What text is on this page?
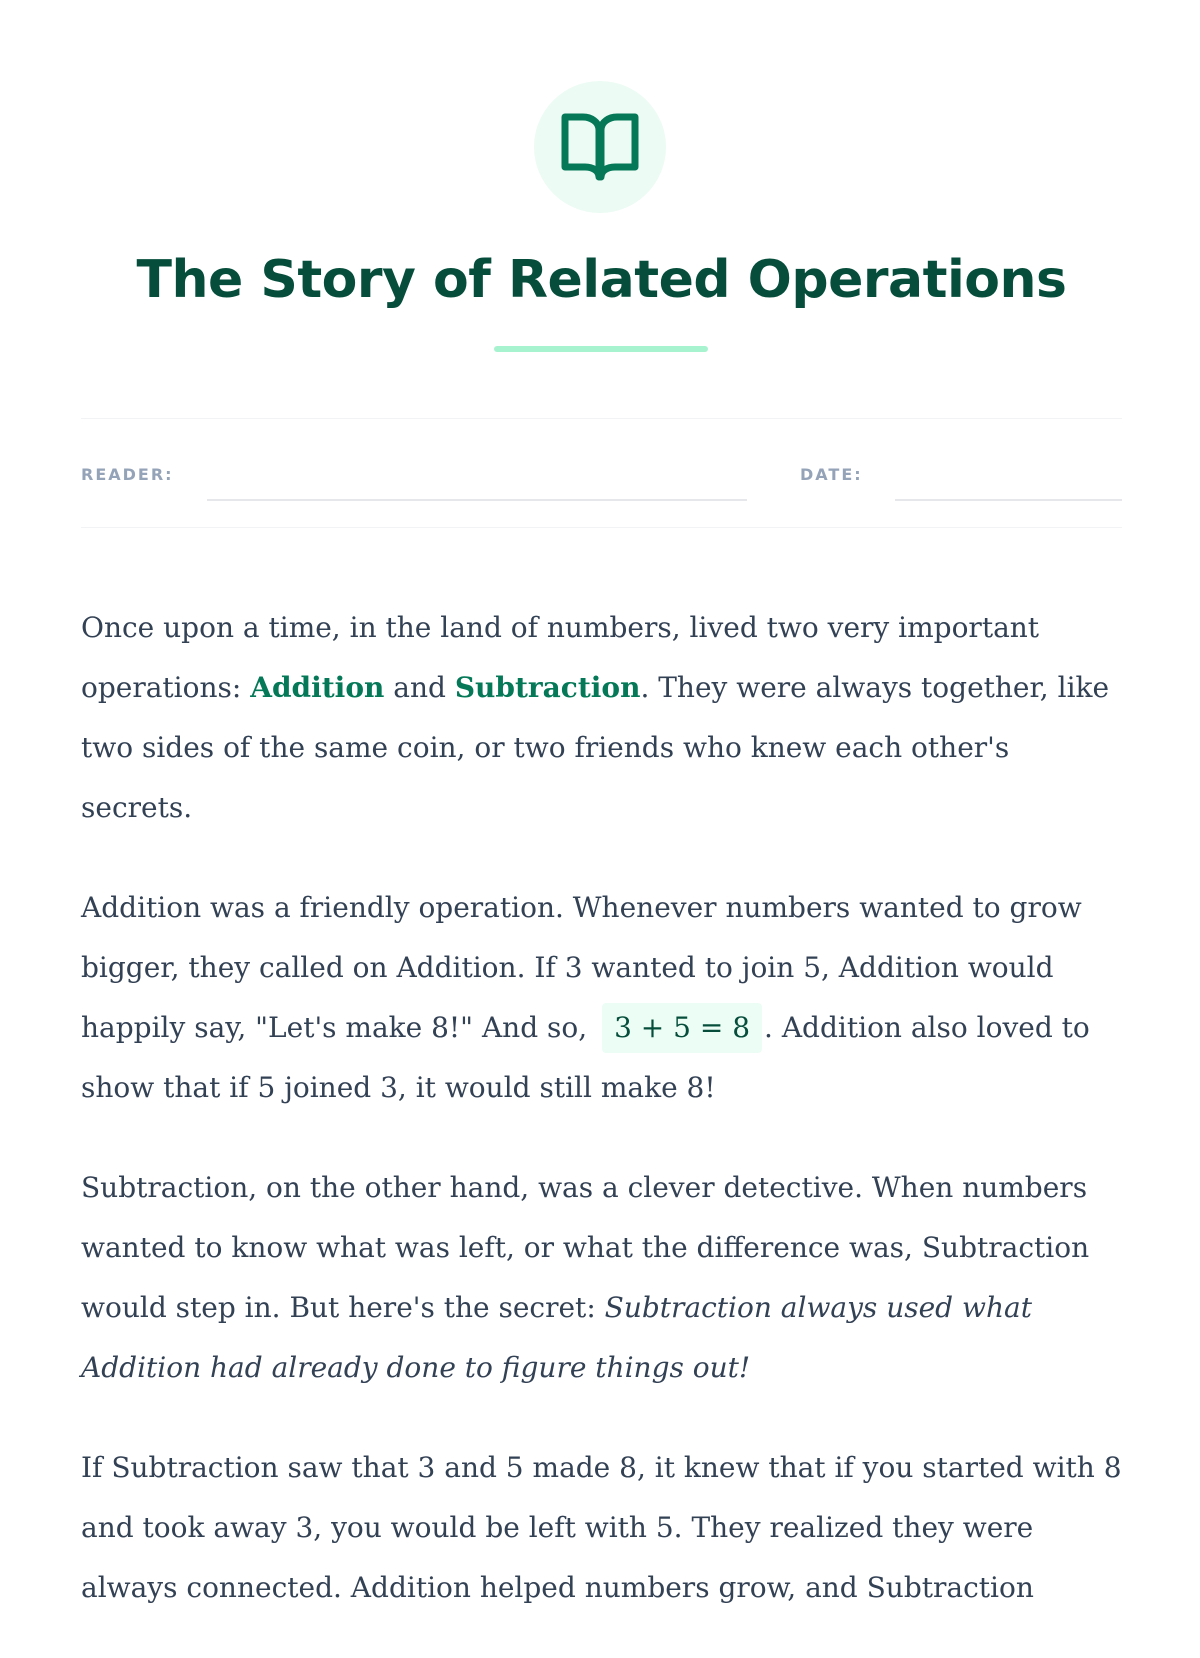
The Story of Related Operations
READER:	DATE:

Once upon a time, in the land of numbers, lived two very important operations: Addition and Subtraction. They were always together, like two sides of the same coin, or two friends who knew each other's secrets.

Addition was a friendly operation. Whenever numbers wanted to grow bigger, they called on Addition. If 3 wanted to join 5, Addition would happily say, "Let's make 8!" And so, 3 + 5 = 8 . Addition also loved to show that if 5 joined 3, it would still make 8!

Subtraction, on the other hand, was a clever detective. When numbers wanted to know what was left, or what the difference was, Subtraction would step in. But here's the secret: Subtraction always used what Addition had already done to figure things out!

If Subtraction saw that 3 and 5 made 8, it knew that if you started with 8 and took away 3, you would be left with 5. They realized they were always connected. Addition helped numbers grow, and Subtraction
